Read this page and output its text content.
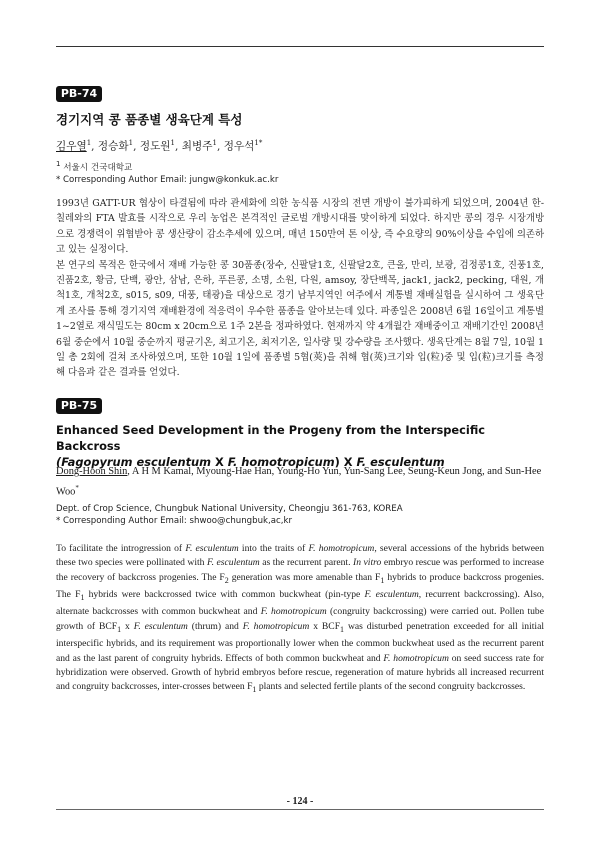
PB-74
경기지역 콩 품종별 생육단계 특성
김우열$^1$, 정승화$^1$, 정도원$^1$, 최병주$^1$, 정우석$^{1*}$
$^1$ 서울시 건국대학교
* Corresponding Author Email: jungw@konkuk.ac.kr

1993년 GATT-UR 협상이 타결됨에 따라 관세화에 의한 농식품 시장의 전면 개방이 불가피하게 되었으며, 2004년 한-칠레와의 FTA 발효를 시작으로 우리 농업은 본격적인 글로벌 개방시대를 맞이하게 되었다. 하지만 콩의 경우 시장개방으로 경쟁력이 위협받아 콩 생산량이 감소추세에 있으며, 매년 150만여 톤 이상, 즉 수요량의 90%이상을 수입에 의존하고 있는 실정이다.

본 연구의 목적은 한국에서 재배 가능한 콩 30품종(장수, 신팔달1호, 신팔달2호, 큰올, 만리, 보광, 검정콩1호, 진풍1호, 진품2호, 황금, 단백, 광안, 삼남, 은하, 푸른콩, 소명, 소원, 다원, amsoy, 장단백목, jack1, jack2, pecking, 대원, 개척1호, 개척2호, s015, s09, 대풍, 태광)을 대상으로 경기 남부지역인 여주에서 계통별 재배실험을 실시하여 그 생육단계 조사를 통해 경기지역 재배환경에 적응력이 우수한 품종을 알아보는데 있다. 파종일은 2008년 6월 16일이고 계통별 1~2열로 재식밀도는 80cm x 20cm으로 1주 2본을 정파하였다. 현재까지 약 4개월간 재배중이고 재배기간인 2008년 6월 중순에서 10월 중순까지 평균기온, 최고기온, 최저기온, 일사량 및 강수량을 조사했다. 생육단계는 8월 7일, 10월 1일 총 2회에 걸쳐 조사하였으며, 또한 10월 1일에 품종별 5협(莢)을 취해 협(莢)크기와 입(粒)중 및 입(粒)크기를 측정해 다음과 같은 결과를 얻었다.

PB-75
Enhanced Seed Development in the Progeny from the Interspecific Backcross
(Fagopyrum esculentum X F. homotropicum) X F. esculentum
Dong-Hoon Shin, A H M Kamal, Myoung-Hae Han, Young-Ho Yun, Yun-Sang Lee, Seung-Keun Jong, and Sun-Hee Woo*
Dept. of Crop Science, Chungbuk National University, Cheongju 361-763, KOREA
* Corresponding Author Email: shwoo@chungbuk,ac,kr
To facilitate the introgression of F. esculentum into the traits of F. homotropicum, several accessions of the hybrids between these two species were pollinated with F. esculentum as the recurrent parent. In vitro embryo rescue was performed to increase the recovery of backcross progenies. The $F_2$ generation was more amenable than $F_1$ hybrids to produce backcross progenies. The $F_1$ hybrids were backcrossed twice with common buckwheat (pin-type F. esculentum, recurrent backcrossing). Also, alternate backcrosses with common buckwheat and F. homotropicum (congruity backcrossing) were carried out. Pollen tube growth of $BCF_1$ x F. esculentum (thrum) and F. homotropicum x $BCF_1$ was disturbed penetration exceeded for all initial interspecific hybrids, and its requirement was proportionally lower when the common buckwheat used as the recurrent parent and as the last parent of congruity hybrids. Effects of both common buckwheat and F. homotropicum on seed success rate for hybridization were observed. Growth of hybrid embryos before rescue, regeneration of mature hybrids all increased recurrent and congruity backcrosses, inter-crosses between $F_1$ plants and selected fertile plants of the second congruity backcrosses.
- 124 -
